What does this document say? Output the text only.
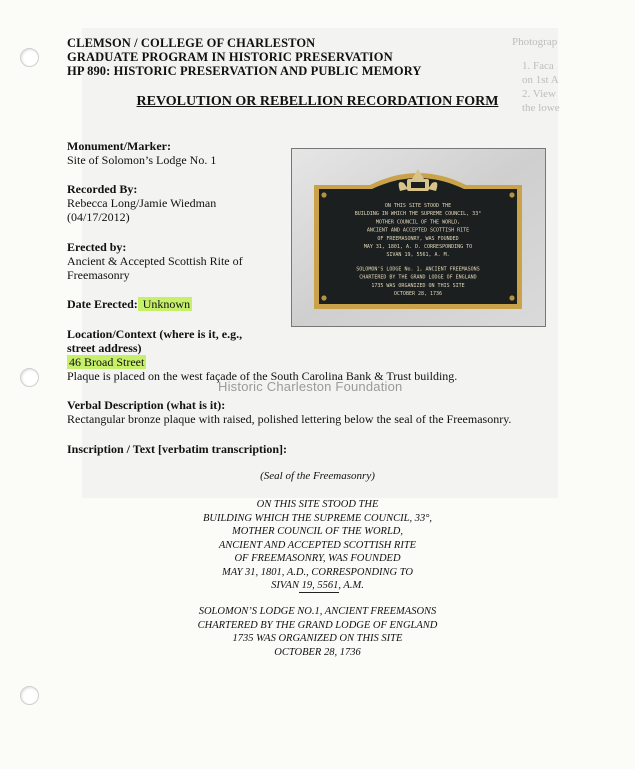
Photograp
1. Faca
on 1st A
2. View
the lowe
CLEMSON / COLLEGE OF CHARLESTON
GRADUATE PROGRAM IN HISTORIC PRESERVATION
HP 890: HISTORIC PRESERVATION AND PUBLIC MEMORY
REVOLUTION OR REBELLION RECORDATION FORM
Monument/Marker:
Site of Solomon’s Lodge No. 1
Recorded By:
Rebecca Long/Jamie Wiedman
(04/17/2012)
Erected by:
Ancient & Accepted Scottish Rite of
Freemasonry
Date Erected: Unknown
Location/Context (where is it, e.g.,
street address)
46 Broad Street
Plaque is placed on the west façade of the South Carolina Bank & Trust building.
Historic Charleston Foundation
Verbal Description (what is it):
Rectangular bronze plaque with raised, polished lettering below the seal of the Freemasonry.
Inscription / Text [verbatim transcription]:
ON THIS SITE STOOD THE
BUILDING IN WHICH THE SUPREME COUNCIL, 33°
MOTHER COUNCIL OF THE WORLD,
ANCIENT AND ACCEPTED SCOTTISH RITE
OF FREEMASONRY, WAS FOUNDED
MAY 31, 1801, A. D. CORRESPONDING TO
SIVAN 19, 5561, A. M.
SOLOMON'S LODGE No. 1, ANCIENT FREEMASONS
CHARTERED BY THE GRAND LODGE OF ENGLAND
1735 WAS ORGANIZED ON THIS SITE
OCTOBER 28, 1736
(Seal of the Freemasonry)
ON THIS SITE STOOD THE
BUILDING WHICH THE SUPREME COUNCIL, 33°,
MOTHER COUNCIL OF THE WORLD,
ANCIENT AND ACCEPTED SCOTTISH RITE
OF FREEMASONRY, WAS FOUNDED
MAY 31, 1801, A.D., CORRESPONDING TO
SIVAN 19, 5561, A.M.
SOLOMON’S LODGE NO.1, ANCIENT FREEMASONS
CHARTERED BY THE GRAND LODGE OF ENGLAND
1735 WAS ORGANIZED ON THIS SITE
OCTOBER 28, 1736
